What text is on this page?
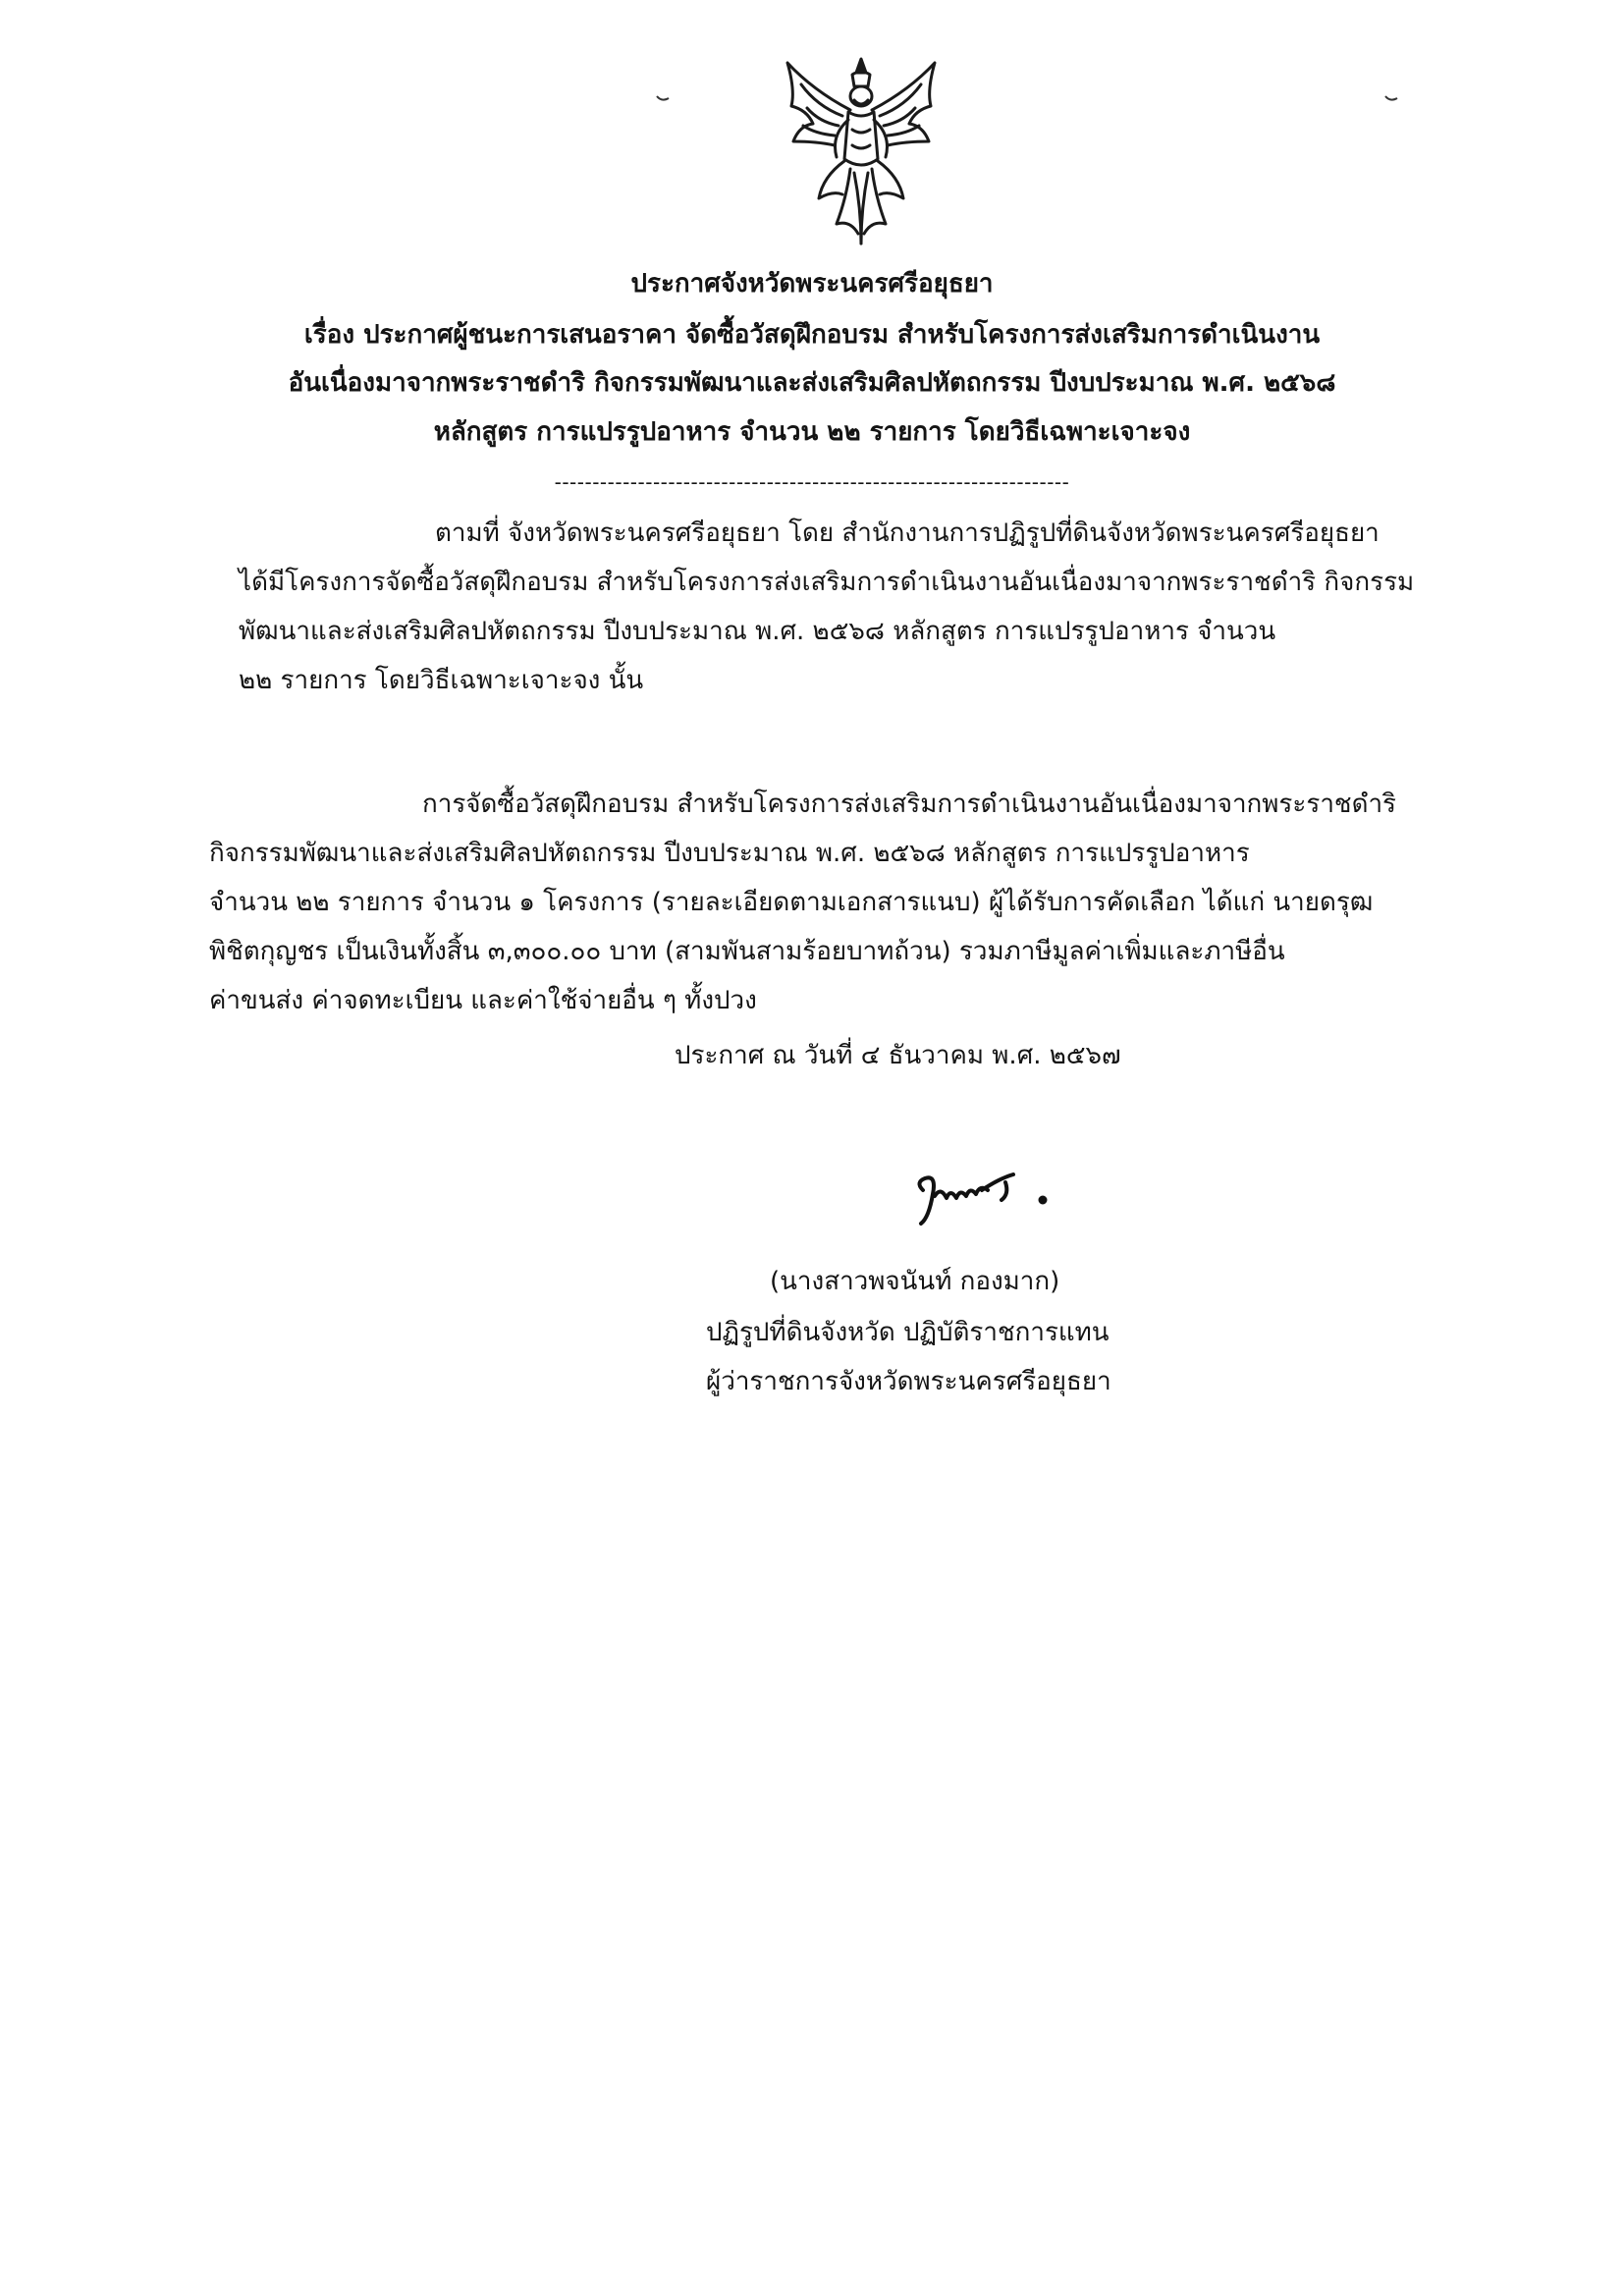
ประกาศจังหวัดพระนครศรีอยุธยา
เรื่อง ประกาศผู้ชนะการเสนอราคา จัดซื้อวัสดุฝึกอบรม สำหรับโครงการส่งเสริมการดำเนินงาน
อันเนื่องมาจากพระราชดำริ กิจกรรมพัฒนาและส่งเสริมศิลปหัตถกรรม ปีงบประมาณ พ.ศ. ๒๕๖๘
หลักสูตร การแปรรูปอาหาร จำนวน ๒๒ รายการ โดยวิธีเฉพาะเจาะจง
--------------------------------------------------------------------
ตามที่ จังหวัดพระนครศรีอยุธยา โดย สำนักงานการปฏิรูปที่ดินจังหวัดพระนครศรีอยุธยา
ได้มีโครงการจัดซื้อวัสดุฝึกอบรม สำหรับโครงการส่งเสริมการดำเนินงานอันเนื่องมาจากพระราชดำริ กิจกรรม
พัฒนาและส่งเสริมศิลปหัตถกรรม ปีงบประมาณ พ.ศ. ๒๕๖๘ หลักสูตร การแปรรูปอาหาร จำนวน
๒๒ รายการ โดยวิธีเฉพาะเจาะจง นั้น
การจัดซื้อวัสดุฝึกอบรม สำหรับโครงการส่งเสริมการดำเนินงานอันเนื่องมาจากพระราชดำริ
กิจกรรมพัฒนาและส่งเสริมศิลปหัตถกรรม ปีงบประมาณ พ.ศ. ๒๕๖๘ หลักสูตร การแปรรูปอาหาร
จำนวน ๒๒ รายการ จำนวน ๑ โครงการ (รายละเอียดตามเอกสารแนบ) ผู้ได้รับการคัดเลือก ได้แก่ นายดรุฒ
พิชิตกุญชร เป็นเงินทั้งสิ้น ๓,๓๐๐.๐๐ บาท (สามพันสามร้อยบาทถ้วน) รวมภาษีมูลค่าเพิ่มและภาษีอื่น
ค่าขนส่ง ค่าจดทะเบียน และค่าใช้จ่ายอื่น ๆ ทั้งปวง
ประกาศ ณ วันที่ ๔ ธันวาคม พ.ศ. ๒๕๖๗
(นางสาวพจนันท์ กองมาก)
ปฏิรูปที่ดินจังหวัด ปฏิบัติราชการแทน
ผู้ว่าราชการจังหวัดพระนครศรีอยุธยา
